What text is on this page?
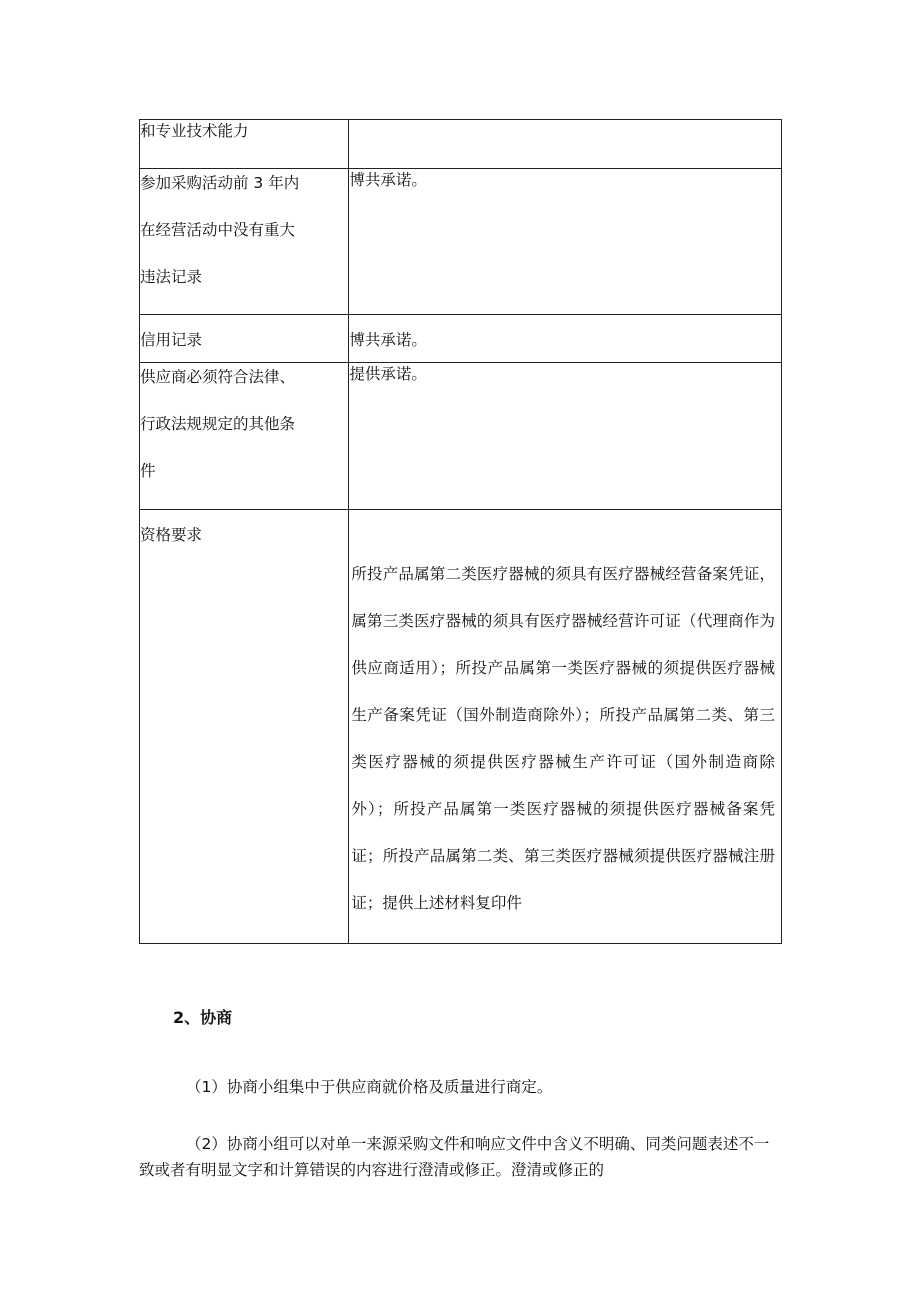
和专业技术能力	

参加采购活动前 3 年内
在经营活动中没有重大
违法记录	博共承诺。

信用记录	博共承诺。

供应商必须符合法律、
行政法规规定的其他条
件	提供承诺。

资格要求	所投产品属第二类医疗器械的须具有医疗器械经营备案凭证，属第三类医疗器械的须具有医疗器械经营许可证（代理商作为供应商适用）；所投产品属第一类医疗器械的须提供医疗器械生产备案凭证（国外制造商除外）；所投产品属第二类、第三类医疗器械的须提供医疗器械生产许可证（国外制造商除外）；所投产品属第一类医疗器械的须提供医疗器械备案凭证；所投产品属第二类、第三类医疗器械须提供医疗器械注册证；提供上述材料复印件
2、协商
（1）协商小组集中于供应商就价格及质量进行商定。
（2）协商小组可以对单一来源采购文件和响应文件中含义不明确、同类问题表述不一致或者有明显文字和计算错误的内容进行澄清或修正。澄清或修正的
